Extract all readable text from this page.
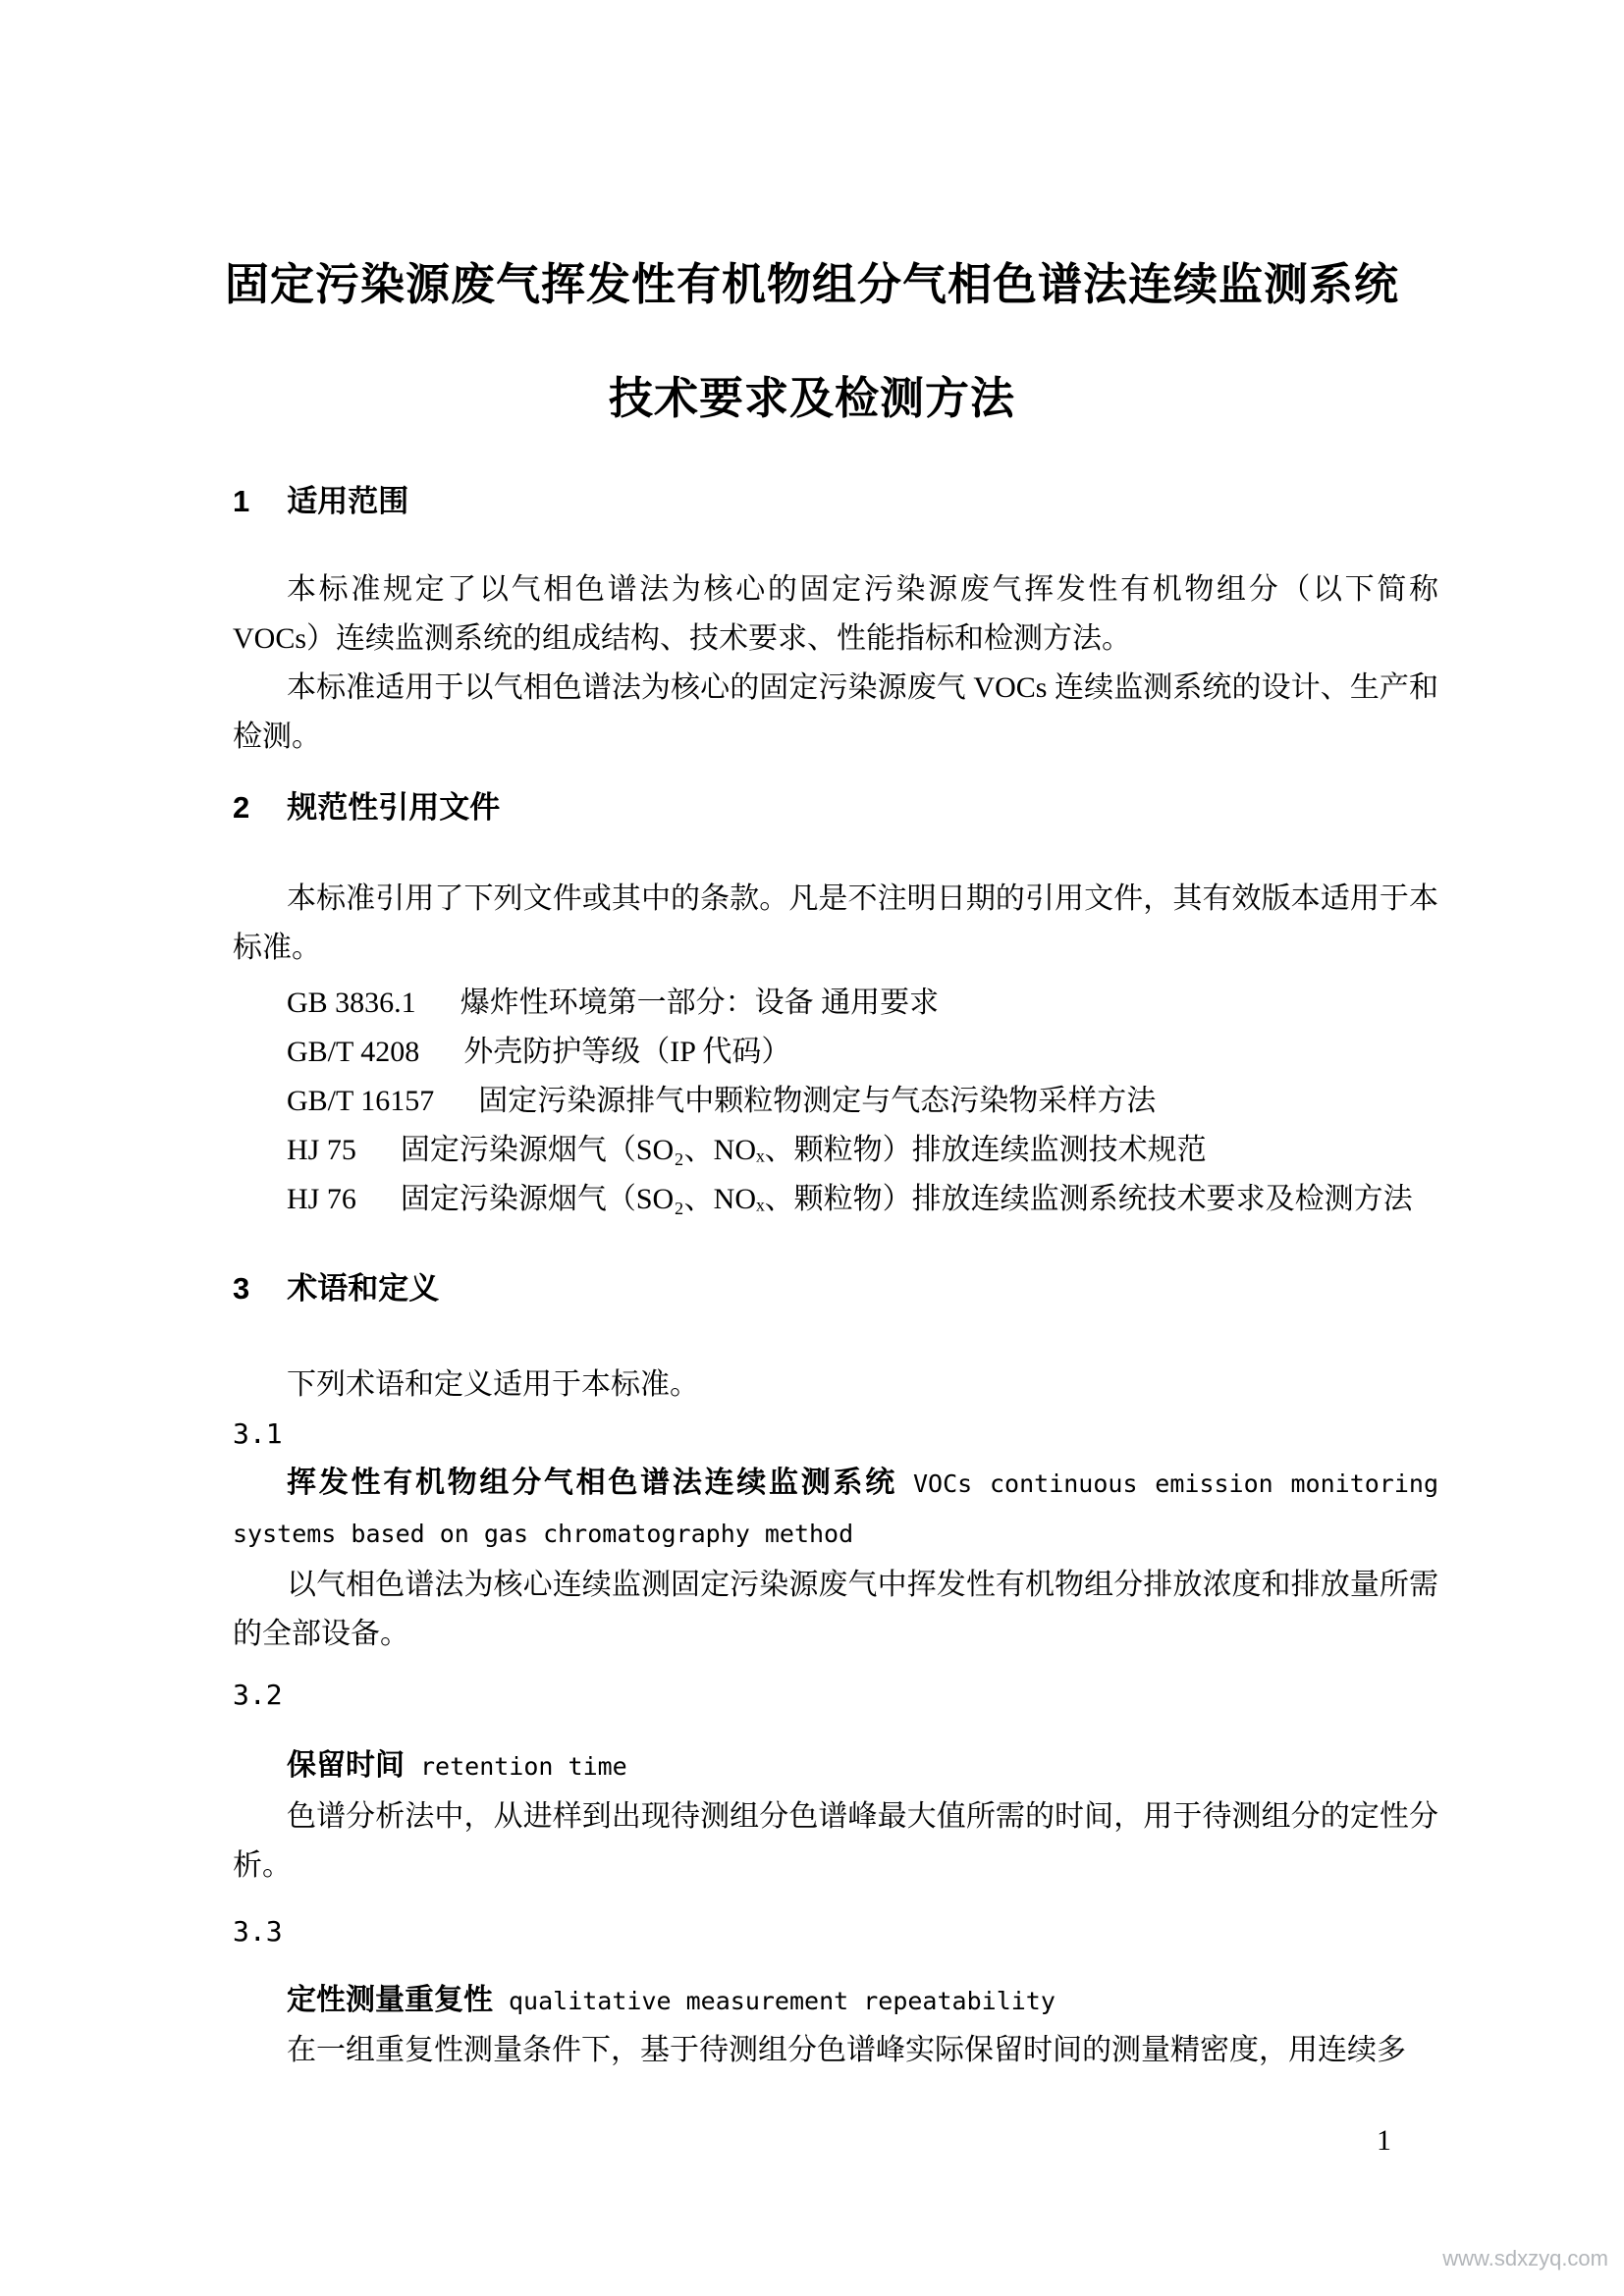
固定污染源废气挥发性有机物组分气相色谱法连续监测系统
技术要求及检测方法
1 适用范围

本标准规定了以气相色谱法为核心的固定污染源废气挥发性有机物组分（以下简称 VOCs）连续监测系统的组成结构、技术要求、性能指标和检测方法。

本标准适用于以气相色谱法为核心的固定污染源废气 VOCs 连续监测系统的设计、生产和检测。

2 规范性引用文件

本标准引用了下列文件或其中的条款。凡是不注明日期的引用文件，其有效版本适用于本标准。

GB 3836.1 爆炸性环境第一部分：设备 通用要求
GB/T 4208 外壳防护等级（IP 代码）
GB/T 16157 固定污染源排气中颗粒物测定与气态污染物采样方法
HJ 75 固定污染源烟气（SO₂、NOₓ、颗粒物）排放连续监测技术规范
HJ 76 固定污染源烟气（SO₂、NOₓ、颗粒物）排放连续监测系统技术要求及检测方法
3 术语和定义

下列术语和定义适用于本标准。

3.1

挥发性有机物组分气相色谱法连续监测系统 VOCs continuous emission monitoring systems based on gas chromatography method

以气相色谱法为核心连续监测固定污染源废气中挥发性有机物组分排放浓度和排放量所需的全部设备。

3.2

保留时间 retention time

色谱分析法中，从进样到出现待测组分色谱峰最大值所需的时间，用于待测组分的定性分析。

3.3

定性测量重复性 qualitative measurement repeatability

在一组重复性测量条件下，基于待测组分色谱峰实际保留时间的测量精密度，用连续多

1
www.sdxzyq.com
